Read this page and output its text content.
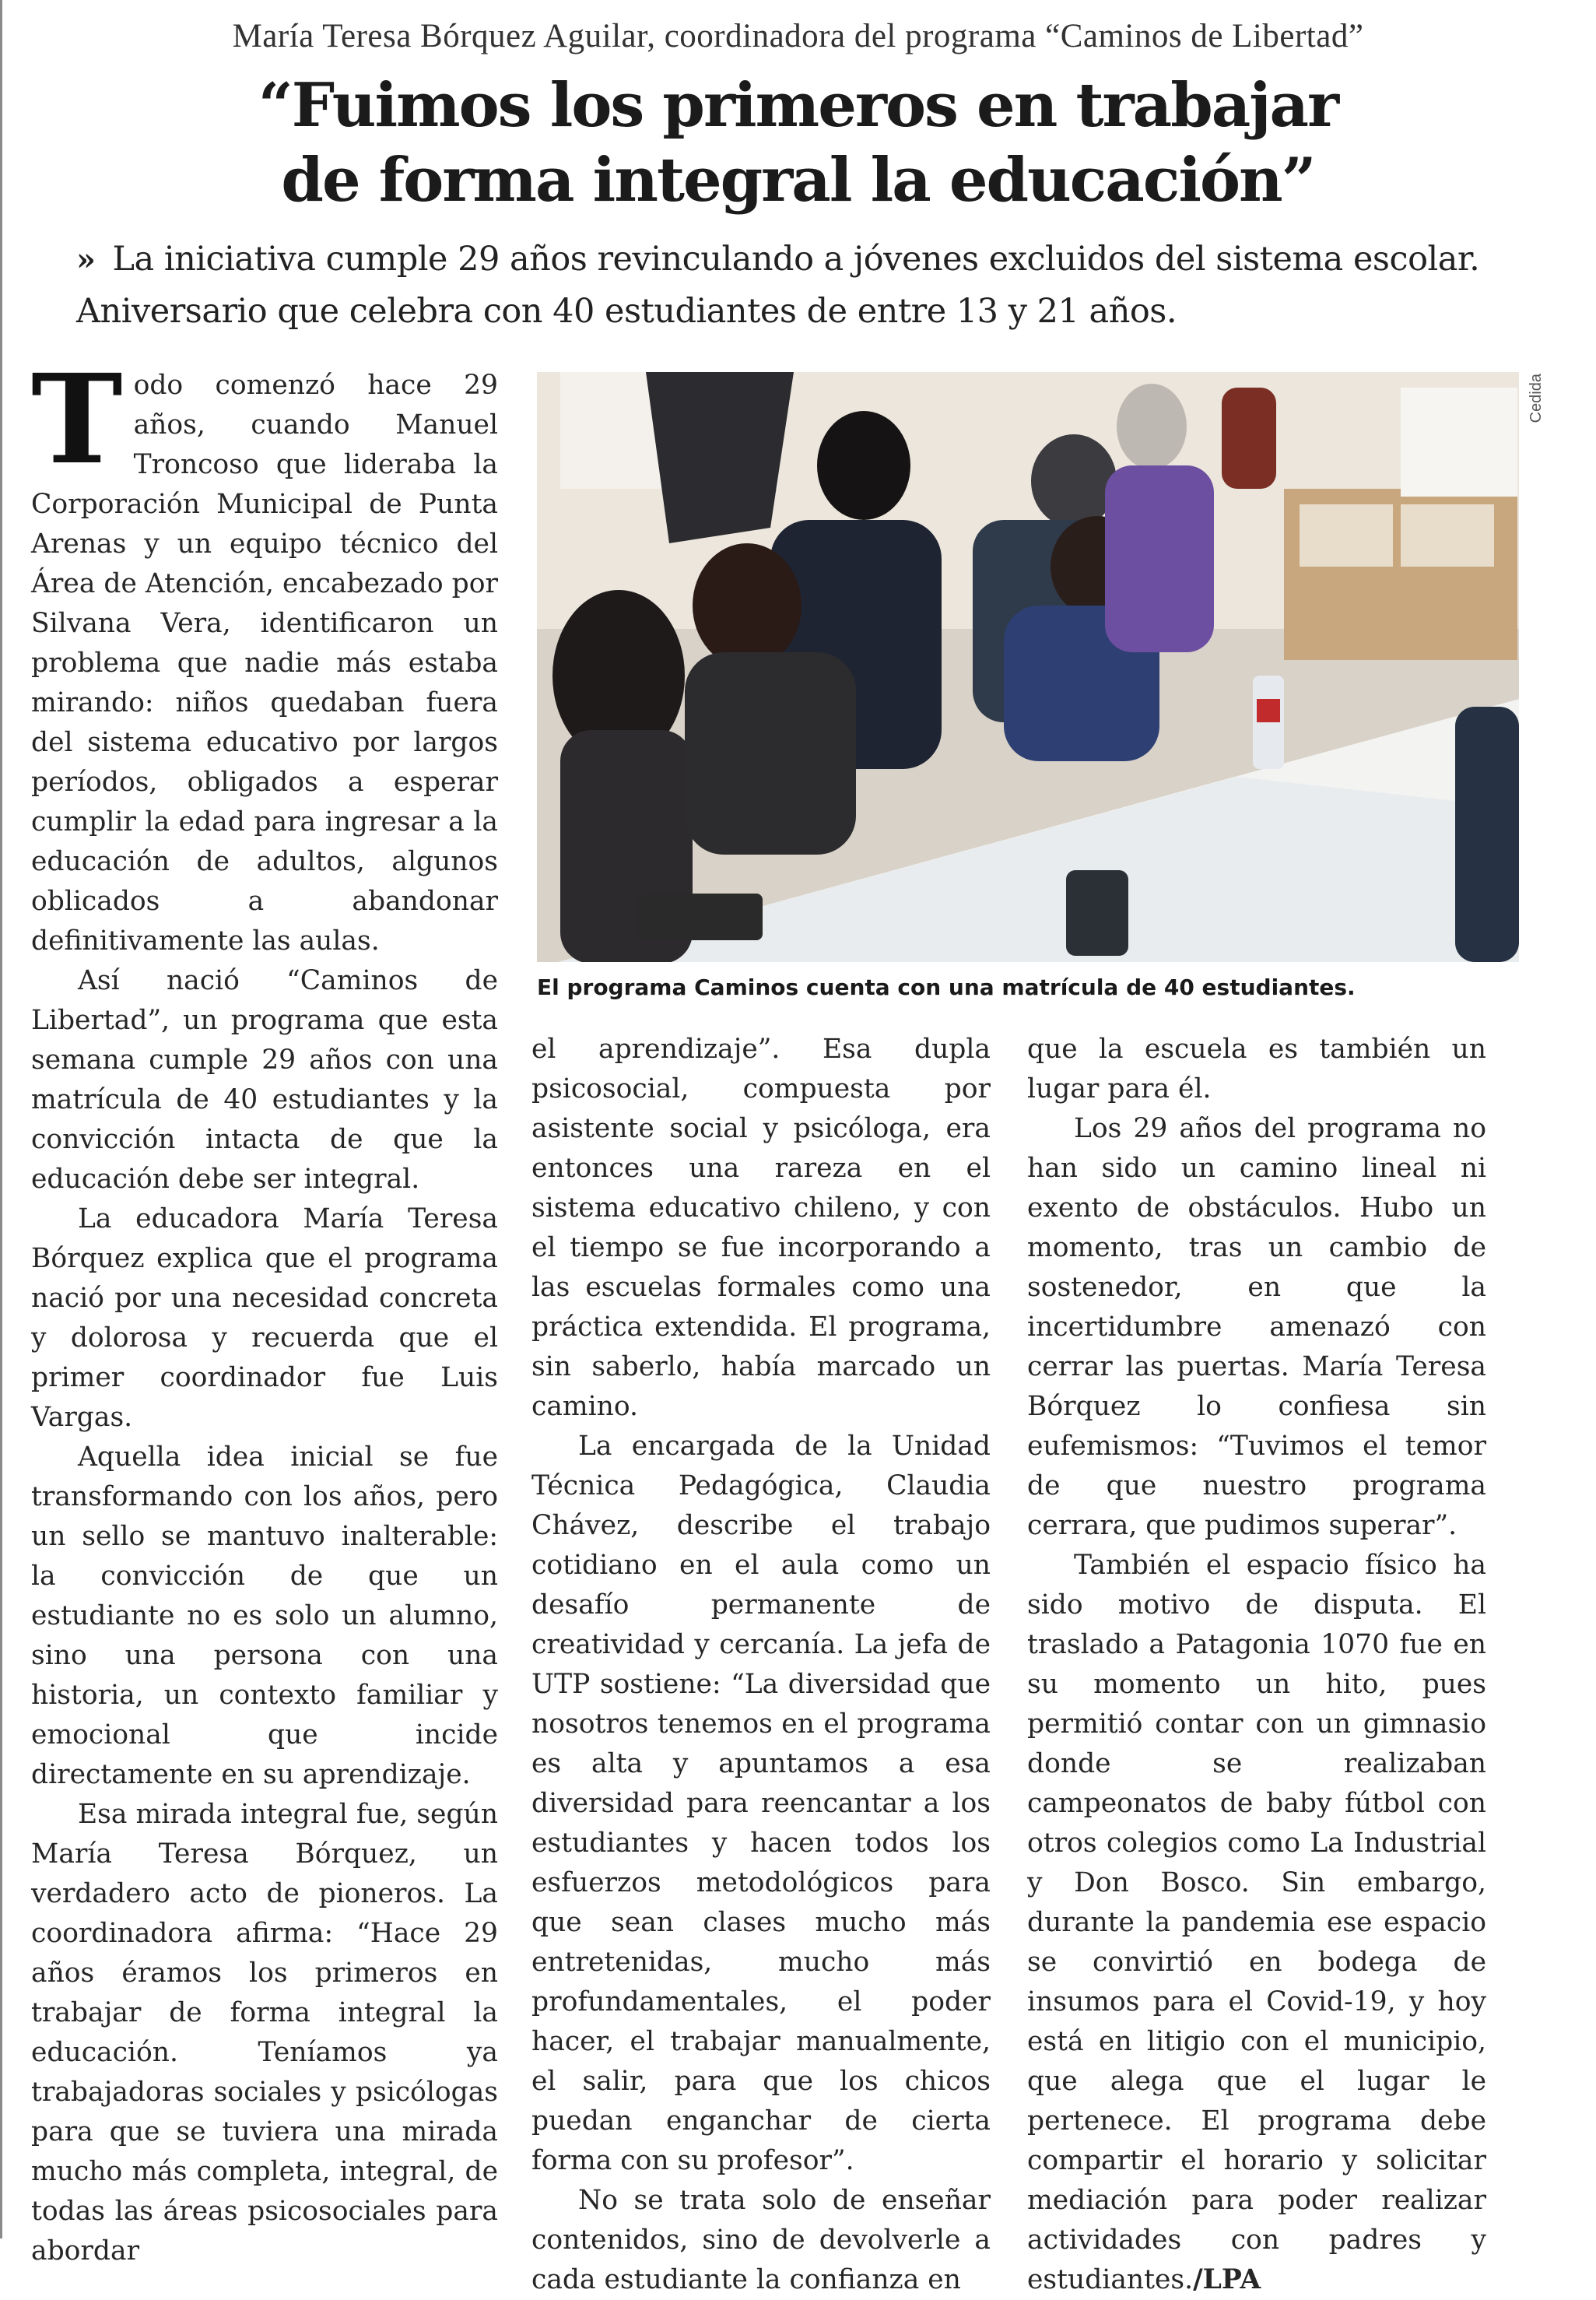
María Teresa Bórquez Aguilar, coordinadora del programa “Caminos de Libertad”
“Fuimos los primeros en trabajar
de forma integral la educación”
» La iniciativa cumple 29 años revinculando a jóvenes excluidos del sistema escolar. Aniversario que celebra con 40 estudiantes de entre 13 y 21 años.

Todo comenzó hace 29 años, cuando Manuel Troncoso que lideraba la Corporación Municipal de Punta Arenas y un equipo técnico del Área de Atención, encabezado por Silvana Vera, identificaron un problema que nadie más estaba mirando: niños quedaban fuera del sistema educativo por largos períodos, obligados a esperar cumplir la edad para ingresar a la educación de adultos, algunos oblicados a abandonar definitivamente las aulas.

Así nació “Caminos de Libertad”, un programa que esta semana cumple 29 años con una matrícula de 40 estudiantes y la convicción intacta de que la educación debe ser integral.

La educadora María Teresa Bórquez explica que el programa nació por una necesidad concreta y dolorosa y recuerda que el primer coordinador fue Luis Vargas.

Aquella idea inicial se fue transformando con los años, pero un sello se mantuvo inalterable: la convicción de que un estudiante no es solo un alumno, sino una persona con una historia, un contexto familiar y emocional que incide directamente en su aprendizaje.

Esa mirada integral fue, según María Teresa Bórquez, un verdadero acto de pioneros. La coordinadora afirma: “Hace 29 años éramos los primeros en trabajar de forma integral la educación. Teníamos ya trabajadoras sociales y psicólogas para que se tuviera una mirada mucho más completa, integral, de todas las áreas psicosociales para abordar

Cedida
El programa Caminos cuenta con una matrícula de 40 estudiantes.

el aprendizaje”. Esa dupla psicosocial, compuesta por asistente social y psicóloga, era entonces una rareza en el sistema educativo chileno, y con el tiempo se fue incorporando a las escuelas formales como una práctica extendida. El programa, sin saberlo, había marcado un camino.

La encargada de la Unidad Técnica Pedagógica, Claudia Chávez, describe el trabajo cotidiano en el aula como un desafío permanente de creatividad y cercanía. La jefa de UTP sostiene: “La diversidad que nosotros tenemos en el programa es alta y apuntamos a esa diversidad para reencantar a los estudiantes y hacen todos los esfuerzos metodológicos para que sean clases mucho más entretenidas, mucho más profundamentales, el poder hacer, el trabajar manualmente, el salir, para que los chicos puedan enganchar de cierta forma con su profesor”.

No se trata solo de enseñar contenidos, sino de devolverle a cada estudiante la confianza en

que la escuela es también un lugar para él.

Los 29 años del programa no han sido un camino lineal ni exento de obstáculos. Hubo un momento, tras un cambio de sostenedor, en que la incertidumbre amenazó con cerrar las puertas. María Teresa Bórquez lo confiesa sin eufemismos: “Tuvimos el temor de que nuestro programa cerrara, que pudimos superar”.

También el espacio físico ha sido motivo de disputa. El traslado a Patagonia 1070 fue en su momento un hito, pues permitió contar con un gimnasio donde se realizaban campeonatos de baby fútbol con otros colegios como La Industrial y Don Bosco. Sin embargo, durante la pandemia ese espacio se convirtió en bodega de insumos para el Covid-19, y hoy está en litigio con el municipio, que alega que el lugar le pertenece. El programa debe compartir el horario y solicitar mediación para poder realizar actividades con padres y estudiantes./LPA
